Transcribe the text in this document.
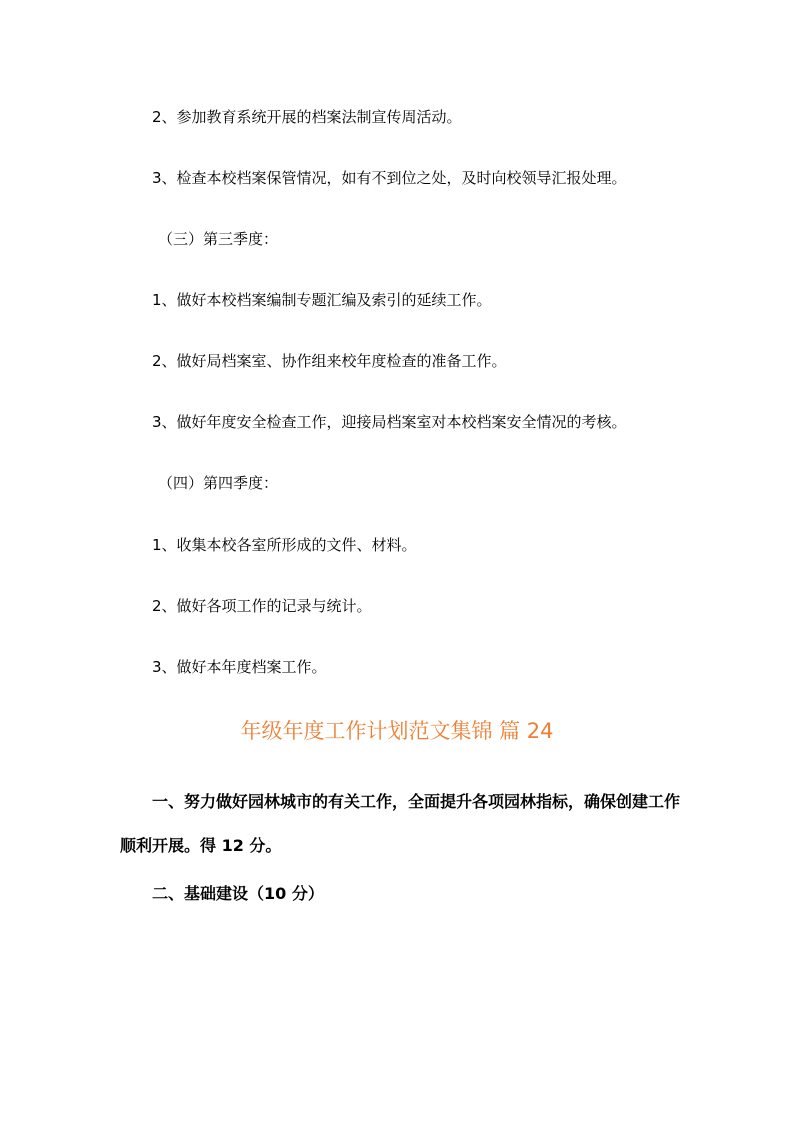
2、参加教育系统开展的档案法制宣传周活动。
3、检查本校档案保管情况，如有不到位之处，及时向校领导汇报处理。
（三）第三季度：
1、做好本校档案编制专题汇编及索引的延续工作。
2、做好局档案室、协作组来校年度检查的准备工作。
3、做好年度安全检查工作，迎接局档案室对本校档案安全情况的考核。
（四）第四季度：
1、收集本校各室所形成的文件、材料。
2、做好各项工作的记录与统计。
3、做好本年度档案工作。
年级年度工作计划范文集锦 篇 24
一、努力做好园林城市的有关工作，全面提升各项园林指标，确保创建工作顺利开展。得 12 分。
二、基础建设（10 分）
